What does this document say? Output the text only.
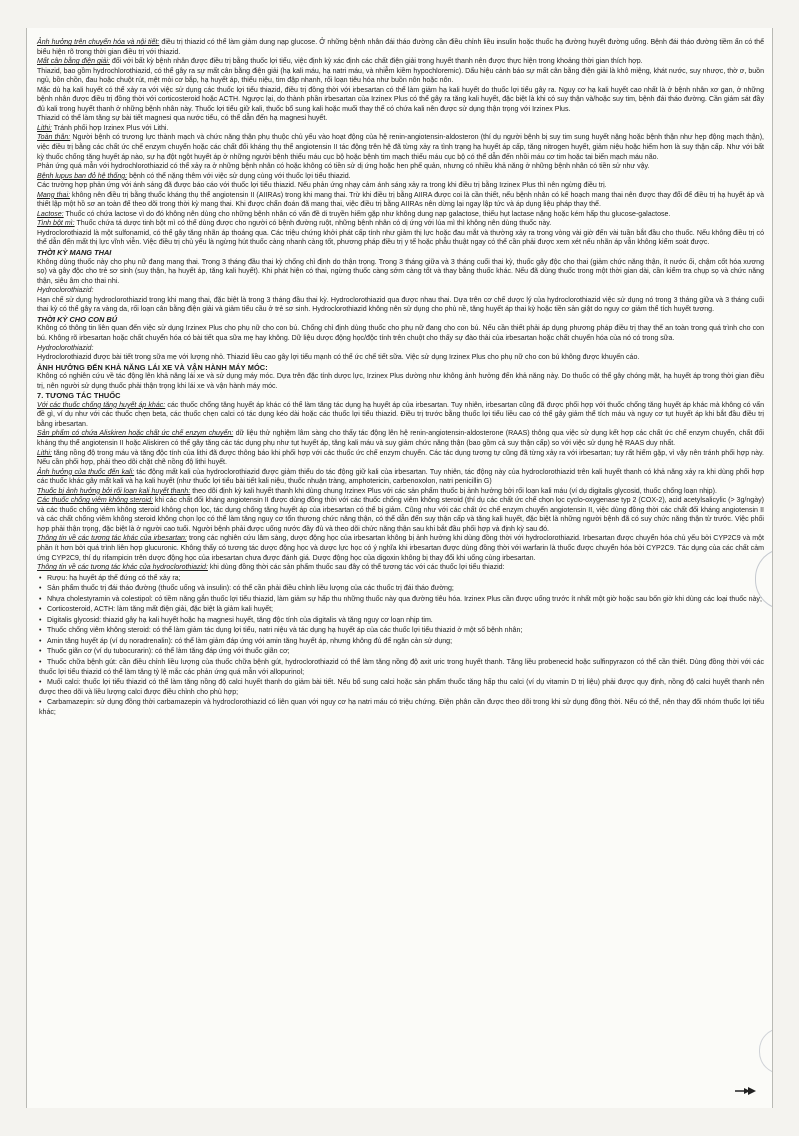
Ảnh hưởng trên chuyển hóa và nội tiết: điều trị thiazid có thể làm giảm dung nạp glucose. Ở những bệnh nhân đái tháo đường cần điều chỉnh liều insulin hoặc thuốc hạ đường huyết đường uống. Bệnh đái tháo đường tiềm ẩn có thể biểu hiện rõ trong thời gian điều trị với thiazid.

Mất cân bằng điện giải: đối với bất kỳ bệnh nhân được điều trị bằng thuốc lợi tiểu, việc định kỳ xác định các chất điện giải trong huyết thanh nên được thực hiện trong khoảng thời gian thích hợp.

Thiazid, bao gồm hydrochlorothiazid, có thể gây ra sự mất cân bằng điện giải (hạ kali máu, hạ natri máu, và nhiễm kiềm hypochloremic). Dấu hiệu cảnh báo sự mất cân bằng điện giải là khô miệng, khát nước, suy nhược, thờ ơ, buồn ngủ, bồn chồn, đau hoặc chuột rút, mệt mỏi cơ bắp, hạ huyết áp, thiểu niệu, tim đập nhanh, rối loạn tiêu hóa như buồn nôn hoặc nôn.

Mặc dù hạ kali huyết có thể xảy ra với việc sử dụng các thuốc lợi tiểu thiazid, điều trị đồng thời với irbesartan có thể làm giảm hạ kali huyết do thuốc lợi tiểu gây ra. Nguy cơ hạ kali huyết cao nhất là ở bệnh nhân xơ gan, ở những bệnh nhân được điều trị đồng thời với corticosteroid hoặc ACTH. Ngược lại, do thành phần irbesartan của Irzinex Plus có thể gây ra tăng kali huyết, đặc biệt là khi có suy thận và/hoặc suy tim, bệnh đái tháo đường. Cần giám sát đầy đủ kali trong huyết thanh ở những bệnh nhân này. Thuốc lợi tiểu giữ kali, thuốc bổ sung kali hoặc muối thay thế có chứa kali nên được sử dụng thận trọng với Irzinex Plus.

Thiazid có thể làm tăng sự bài tiết magnesi qua nước tiểu, có thể dẫn đến hạ magnesi huyết.

Lithi: Tránh phối hợp Irzinex Plus với Lithi.

Toàn thân: Người bệnh có trương lực thành mạch và chức năng thận phụ thuộc chủ yếu vào hoạt động của hệ renin-angiotensin-aldosteron (thí dụ người bệnh bị suy tim sung huyết nặng hoặc bệnh thận như hẹp động mạch thận), việc điều trị bằng các chất ức chế enzym chuyển hoặc các chất đối kháng thụ thể angiotensin II tác động trên hệ đã từng xảy ra tình trạng hạ huyết áp cấp, tăng nitrogen huyết, giảm niệu hoặc hiếm hơn là suy thận cấp. Như với bất kỳ thuốc chống tăng huyết áp nào, sự hạ đột ngột huyết áp ở những người bệnh thiếu máu cục bộ hoặc bệnh tim mạch thiếu máu cục bộ có thể dẫn đến nhồi máu cơ tim hoặc tai biến mạch máu não.

Phản ứng quá mẫn với hydrochlorothiazid có thể xảy ra ở những bệnh nhân có hoặc không có tiền sử dị ứng hoặc hen phế quản, nhưng có nhiều khả năng ở những bệnh nhân có tiền sử như vậy.

Bệnh lupus ban đỏ hệ thống: bệnh có thể nặng thêm với việc sử dụng cùng với thuốc lợi tiểu thiazid.

Các trường hợp phản ứng với ánh sáng đã được báo cáo với thuốc lợi tiểu thiazid. Nếu phản ứng nhạy cảm ánh sáng xảy ra trong khi điều trị bằng Irzinex Plus thì nên ngừng điều trị.

Mang thai: không nên điều trị bằng thuốc kháng thụ thể angiotensin II (AIIRAs) trong khi mang thai. Trừ khi điều trị bằng AIIRA được coi là cần thiết, nếu bệnh nhân có kế hoạch mang thai nên được thay đổi để điều trị hạ huyết áp và thiết lập một hồ sơ an toàn để theo dõi trong thời kỳ mang thai. Khi được chẩn đoán đã mang thai, việc điều trị bằng AIIRAs nên dừng lại ngay lập tức và áp dụng liệu pháp thay thế.

Lactose: Thuốc có chứa lactose vì do đó không nên dùng cho những bệnh nhân có vấn đề di truyền hiếm gặp như không dung nạp galactose, thiếu hụt lactase nặng hoặc kém hấp thu glucose-galactose.

Tình bột mì: Thuốc chứa tá dược tinh bột mì có thể dùng được cho người có bệnh đường ruột, những bệnh nhân có dị ứng với lúa mì thì không nên dùng thuốc này.

Hydroclorothiazid là một sulfonamid, có thể gây tăng nhãn áp thoáng qua. Các triệu chứng khởi phát cấp tính như giảm thị lực hoặc đau mắt và thường xảy ra trong vòng vài giờ đến vài tuần bắt đầu cho thuốc. Nếu không điều trị có thể dẫn đến mất thị lực vĩnh viễn. Việc điều trị chủ yếu là ngừng hút thuốc càng nhanh càng tốt, phương pháp điều trị y tế hoặc phẫu thuật ngay có thể cần phải được xem xét nếu nhãn áp vẫn không kiểm soát được.

THỜI KỲ MANG THAI

Không dùng thuốc này cho phụ nữ đang mang thai. Trong 3 tháng đầu thai kỳ chống chỉ định do thận trọng. Trong 3 tháng giữa và 3 tháng cuối thai kỳ, thuốc gây độc cho thai (giảm chức năng thận, ít nước ối, chậm cốt hóa xương sọ) và gây độc cho trẻ sơ sinh (suy thận, hạ huyết áp, tăng kali huyết). Khi phát hiện có thai, ngừng thuốc càng sớm càng tốt và thay bằng thuốc khác. Nếu đã dùng thuốc trong một thời gian dài, cần kiểm tra chụp sọ và chức năng thận, siêu âm cho thai nhi.

Hydroclorothiazid:

Hạn chế sử dụng hydroclorothiazid trong khi mang thai, đặc biệt là trong 3 tháng đầu thai kỳ. Hydroclorothiazid qua được nhau thai. Dựa trên cơ chế dược lý của hydroclorothiazid việc sử dụng nó trong 3 tháng giữa và 3 tháng cuối thai kỳ có thể gây ra vàng da, rối loạn cân bằng điện giải và giảm tiểu cầu ở trẻ sơ sinh. Hydroclorothiazid không nên sử dụng cho phù nề, tăng huyết áp thai kỳ hoặc tiền sản giật do nguy cơ giảm thể tích huyết tương.

THỜI KỲ CHO CON BÚ

Không có thông tin liên quan đến việc sử dụng Irzinex Plus cho phụ nữ cho con bú. Chống chỉ định dùng thuốc cho phụ nữ đang cho con bú. Nếu cần thiết phải áp dụng phương pháp điều trị thay thế an toàn trong quá trình cho con bú. Không rõ irbesartan hoặc chất chuyển hóa có bài tiết qua sữa mẹ hay không. Dữ liệu dược động học/độc tính trên chuột cho thấy sự đào thải của irbesartan hoặc chất chuyển hóa của nó có trong sữa.

Hydroclorothiazid:

Hydroclorothiazid được bài tiết trong sữa mẹ với lượng nhỏ. Thiazid liều cao gây lợi tiểu mạnh có thể ức chế tiết sữa. Việc sử dụng Irzinex Plus cho phụ nữ cho con bú không được khuyến cáo.

ẢNH HƯỞNG ĐẾN KHẢ NĂNG LÁI XE VÀ VẬN HÀNH MÁY MÓC:

Không có nghiên cứu về tác động lên khả năng lái xe và sử dụng máy móc. Dựa trên đặc tính dược lực, Irzinex Plus dường như không ảnh hưởng đến khả năng này. Do thuốc có thể gây chóng mặt, hạ huyết áp trong thời gian điều trị, nên người sử dụng thuốc phải thận trọng khi lái xe và vận hành máy móc.

7. TƯƠNG TÁC THUỐC

Với các thuốc chống tăng huyết áp khác: các thuốc chống tăng huyết áp khác có thể làm tăng tác dụng hạ huyết áp của irbesartan. Tuy nhiên, irbesartan cũng đã được phối hợp với thuốc chống tăng huyết áp khác mà không có vấn đề gì, ví dụ như với các thuốc chẹn beta, các thuốc chẹn calci có tác dụng kéo dài hoặc các thuốc lợi tiểu thiazid. Điều trị trước bằng thuốc lợi tiểu liều cao có thể gây giảm thể tích máu và nguy cơ tụt huyết áp khi bắt đầu điều trị bằng irbesartan.

Sản phẩm có chứa Aliskiren hoặc chất ức chế enzym chuyển: dữ liệu thử nghiệm lâm sàng cho thấy tác động lên hệ renin-angiotensin-aldosterone (RAAS) thông qua việc sử dụng kết hợp các chất ức chế enzym chuyển, chất đối kháng thụ thể angiotensin II hoặc Aliskiren có thể gây tăng các tác dụng phụ như tụt huyết áp, tăng kali máu và suy giảm chức năng thận (bao gồm cả suy thận cấp) so với việc sử dụng hệ RAAS duy nhất.

Lithi: tăng nồng độ trong máu và tăng độc tính của lithi đã được thông báo khi phối hợp với các thuốc ức chế enzym chuyển. Các tác dụng tương tự cũng đã từng xảy ra với irbesartan; tuy rất hiếm gặp, vì vậy nên tránh phối hợp này. Nếu cần phối hợp, phải theo dõi chặt chẽ nồng độ lithi huyết.

Ảnh hưởng của thuốc đến kali: tác động mất kali của hydroclorothiazid được giảm thiểu do tác động giữ kali của irbesartan. Tuy nhiên, tác động này của hydroclorothiazid trên kali huyết thanh có khả năng xảy ra khi dùng phối hợp các thuốc khác gây mất kali và hạ kali huyết (như thuốc lợi tiểu bài tiết kali niệu, thuốc nhuận tràng, amphotericin, carbenoxolon, natri penicillin G)

Thuốc bị ảnh hưởng bởi rối loạn kali huyết thanh: theo dõi định kỳ kali huyết thanh khi dùng chung Irzinex Plus với các sản phẩm thuốc bị ảnh hưởng bởi rối loạn kali máu (ví dụ digitalis glycosid, thuốc chống loạn nhịp).

Các thuốc chống viêm không steroid: khi các chất đối kháng angiotensin II được dùng đồng thời với các thuốc chống viêm không steroid (thí dụ các chất ức chế chọn lọc cyclo-oxygenase typ 2 (COX-2), acid acetylsalicylic (> 3g/ngày) và các thuốc chống viêm không steroid không chọn lọc, tác dụng chống tăng huyết áp của irbesartan có thể bị giảm. Cũng như với các chất ức chế enzym chuyển angiotensin II, việc dùng đồng thời các chất đối kháng angiotensin II và các chất chống viêm không steroid không chọn lọc có thể làm tăng nguy cơ tổn thương chức năng thận, có thể dẫn đến suy thận cấp và tăng kali huyết, đặc biệt là những người bệnh đã có suy chức năng thận từ trước. Việc phối hợp phải thận trọng, đặc biệt là ở người cao tuổi. Người bệnh phải được uống nước đầy đủ và theo dõi chức năng thận sau khi bắt đầu phối hợp và định kỳ sau đó.

Thông tin về các tương tác khác của irbesartan: trong các nghiên cứu lâm sàng, dược động học của irbesartan không bị ảnh hưởng khi dùng đồng thời với hydroclorothiazid. Irbesartan được chuyển hóa chủ yếu bởi CYP2C9 và một phần ít hơn bởi quá trình liên hợp glucuronic. Không thấy có tương tác dược động học và dược lực học có ý nghĩa khi irbesartan được dùng đồng thời với warfarin là thuốc được chuyển hóa bởi CYP2C9. Tác dụng của các chất cảm ứng CYP2C9, thí dụ rifampicin trên dược động học của irbesartan chưa được đánh giá. Dược động học của digoxin không bị thay đổi khi uống cùng irbesartan.

Thông tin về các tương tác khác của hydroclorothiazid: khi dùng đồng thời các sản phẩm thuốc sau đây có thể tương tác với các thuốc lợi tiểu thiazid:

• Rượu: hạ huyết áp thế đứng có thể xảy ra;

• Sản phẩm thuốc trị đái tháo đường (thuốc uống và insulin): có thể cần phải điều chỉnh liều lượng của các thuốc trị đái tháo đường;

• Nhựa cholestyramin và colestipol: có tiềm năng gắn thuốc lợi tiểu thiazid, làm giảm sự hấp thu những thuốc này qua đường tiêu hóa. Irzinex Plus cần được uống trước ít nhất một giờ hoặc sau bốn giờ khi dùng các loại thuốc này;

• Corticosteroid, ACTH: làm tăng mất điện giải, đặc biệt là giảm kali huyết;

• Digitalis glycosid: thiazid gây hạ kali huyết hoặc hạ magnesi huyết, tăng độc tính của digitalis và tăng nguy cơ loạn nhịp tim.

• Thuốc chống viêm không steroid: có thể làm giảm tác dụng lợi tiểu, natri niệu và tác dụng hạ huyết áp của các thuốc lợi tiểu thiazid ở một số bệnh nhân;

• Amin tăng huyết áp (ví dụ noradrenalin): có thể làm giảm đáp ứng với amin tăng huyết áp, nhưng không đủ để ngăn cản sử dụng;

• Thuốc giãn cơ (ví dụ tubocurarin): có thể làm tăng đáp ứng với thuốc giãn cơ;

• Thuốc chữa bệnh gút: cần điều chỉnh liều lượng của thuốc chữa bệnh gút, hydroclorothiazid có thể làm tăng nồng độ axit uric trong huyết thanh. Tăng liều probenecid hoặc sulfinpyrazon có thể cần thiết. Dùng đồng thời với các thuốc lợi tiểu thiazid có thể làm tăng tỷ lệ mắc các phản ứng quá mẫn với allopurinol;

• Muối calci: thuốc lợi tiểu thiazid có thể làm tăng nồng độ calci huyết thanh do giảm bài tiết. Nếu bổ sung calci hoặc sản phẩm thuốc tăng hấp thu calci (ví dụ vitamin D trị liệu) phải được quy định, nồng độ calci huyết thanh nên được theo dõi và liều lượng calci được điều chỉnh cho phù hợp;

• Carbamazepin: sử dụng đồng thời carbamazepin và hydroclorothiazid có liên quan với nguy cơ hạ natri máu có triệu chứng. Điện phân cần được theo dõi trong khi sử dụng đồng thời. Nếu có thể, nên thay đổi nhóm thuốc lợi tiểu khác;
